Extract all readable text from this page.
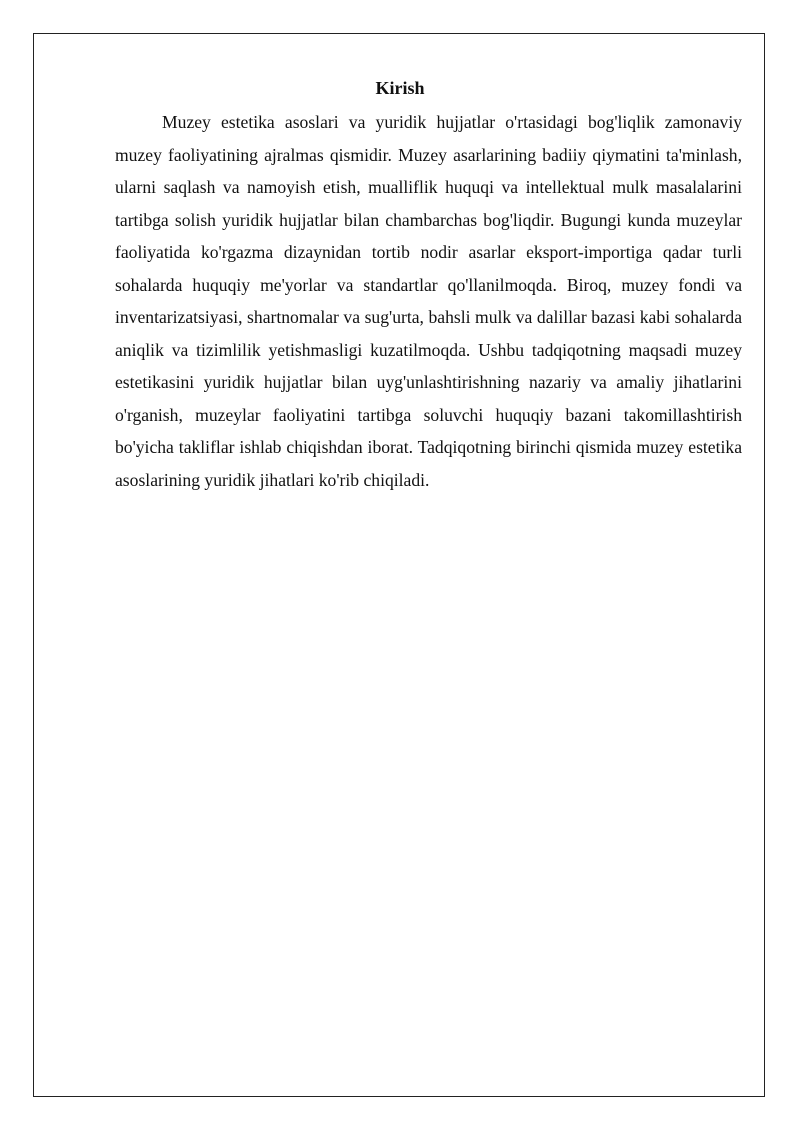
Kirish

Muzey estetika asoslari va yuridik hujjatlar o'rtasidagi bog'liqlik zamonaviy muzey faoliyatining ajralmas qismidir. Muzey asarlarining badiiy qiymatini ta'minlash, ularni saqlash va namoyish etish, mualliflik huquqi va intellektual mulk masalalarini tartibga solish yuridik hujjatlar bilan chambarchas bog'liqdir. Bugungi kunda muzeylar faoliyatida ko'rgazma dizaynidan tortib nodir asarlar eksport-importiga qadar turli sohalarda huquqiy me'yorlar va standartlar qo'llanilmoqda. Biroq, muzey fondi va inventarizatsiyasi, shartnomalar va sug'urta, bahsli mulk va dalillar bazasi kabi sohalarda aniqlik va tizimlilik yetishmasligi kuzatilmoqda. Ushbu tadqiqotning maqsadi muzey estetikasini yuridik hujjatlar bilan uyg'unlashtirishning nazariy va amaliy jihatlarini o'rganish, muzeylar faoliyatini tartibga soluvchi huquqiy bazani takomillashtirish bo'yicha takliflar ishlab chiqishdan iborat. Tadqiqotning birinchi qismida muzey estetika asoslarining yuridik jihatlari ko'rib chiqiladi.
